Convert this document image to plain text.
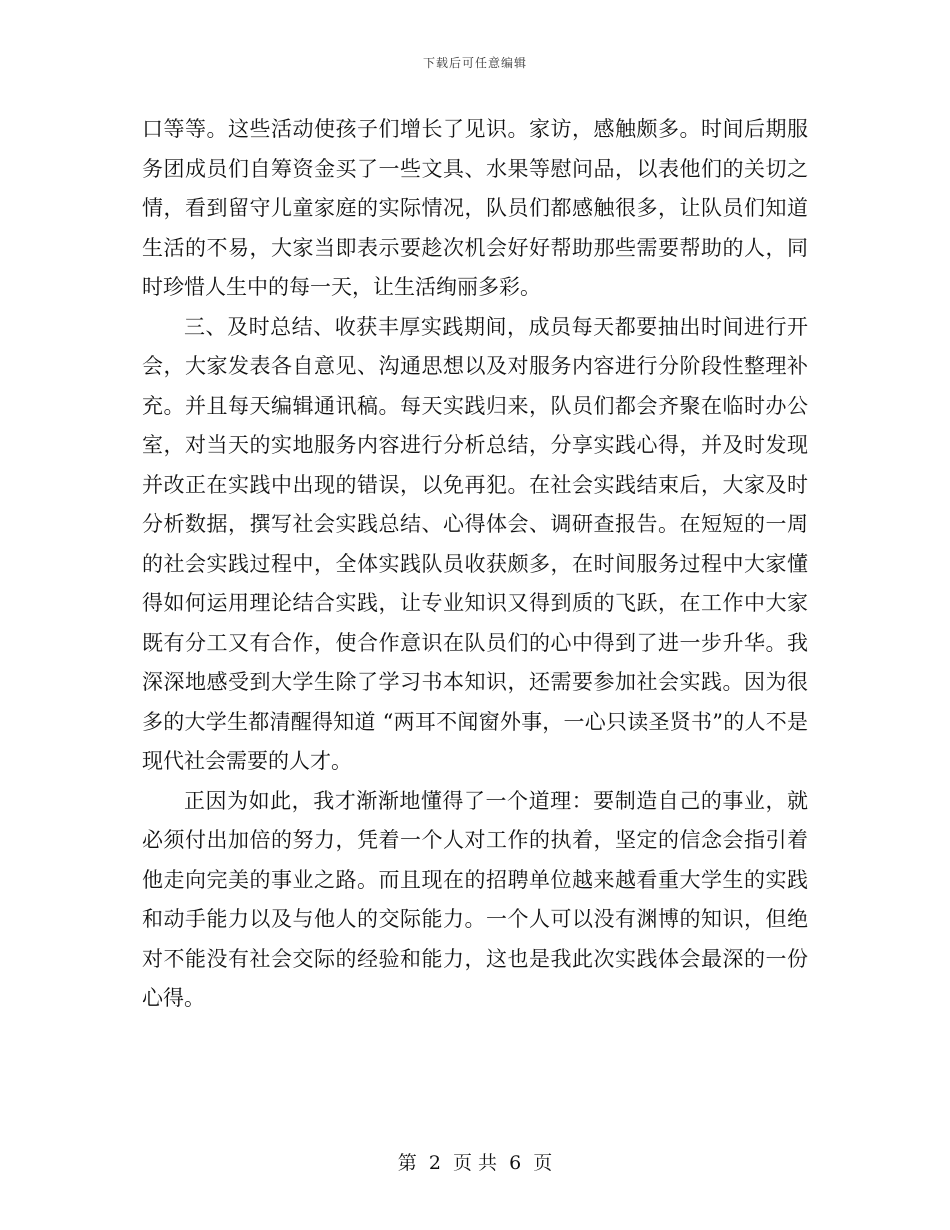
下载后可任意编辑

口等等。这些活动使孩子们增长了见识。家访，感触颇多。时间后期服务团成员们自筹资金买了一些文具、水果等慰问品，以表他们的关切之情，看到留守儿童家庭的实际情况，队员们都感触很多，让队员们知道生活的不易，大家当即表示要趁次机会好好帮助那些需要帮助的人，同时珍惜人生中的每一天，让生活绚丽多彩。

三、及时总结、收获丰厚实践期间，成员每天都要抽出时间进行开会，大家发表各自意见、沟通思想以及对服务内容进行分阶段性整理补充。并且每天编辑通讯稿。每天实践归来，队员们都会齐聚在临时办公室，对当天的实地服务内容进行分析总结，分享实践心得，并及时发现并改正在实践中出现的错误，以免再犯。在社会实践结束后，大家及时分析数据，撰写社会实践总结、心得体会、调研查报告。在短短的一周的社会实践过程中，全体实践队员收获颇多，在时间服务过程中大家懂得如何运用理论结合实践，让专业知识又得到质的飞跃，在工作中大家既有分工又有合作，使合作意识在队员们的心中得到了进一步升华。我深深地感受到大学生除了学习书本知识，还需要参加社会实践。因为很多的大学生都清醒得知道 “两耳不闻窗外事，一心只读圣贤书”的人不是现代社会需要的人才。

正因为如此，我才渐渐地懂得了一个道理：要制造自己的事业，就必须付出加倍的努力，凭着一个人对工作的执着，坚定的信念会指引着他走向完美的事业之路。而且现在的招聘单位越来越看重大学生的实践和动手能力以及与他人的交际能力。一个人可以没有渊博的知识，但绝对不能没有社会交际的经验和能力，这也是我此次实践体会最深的一份心得。

第 2 页 共 6 页
